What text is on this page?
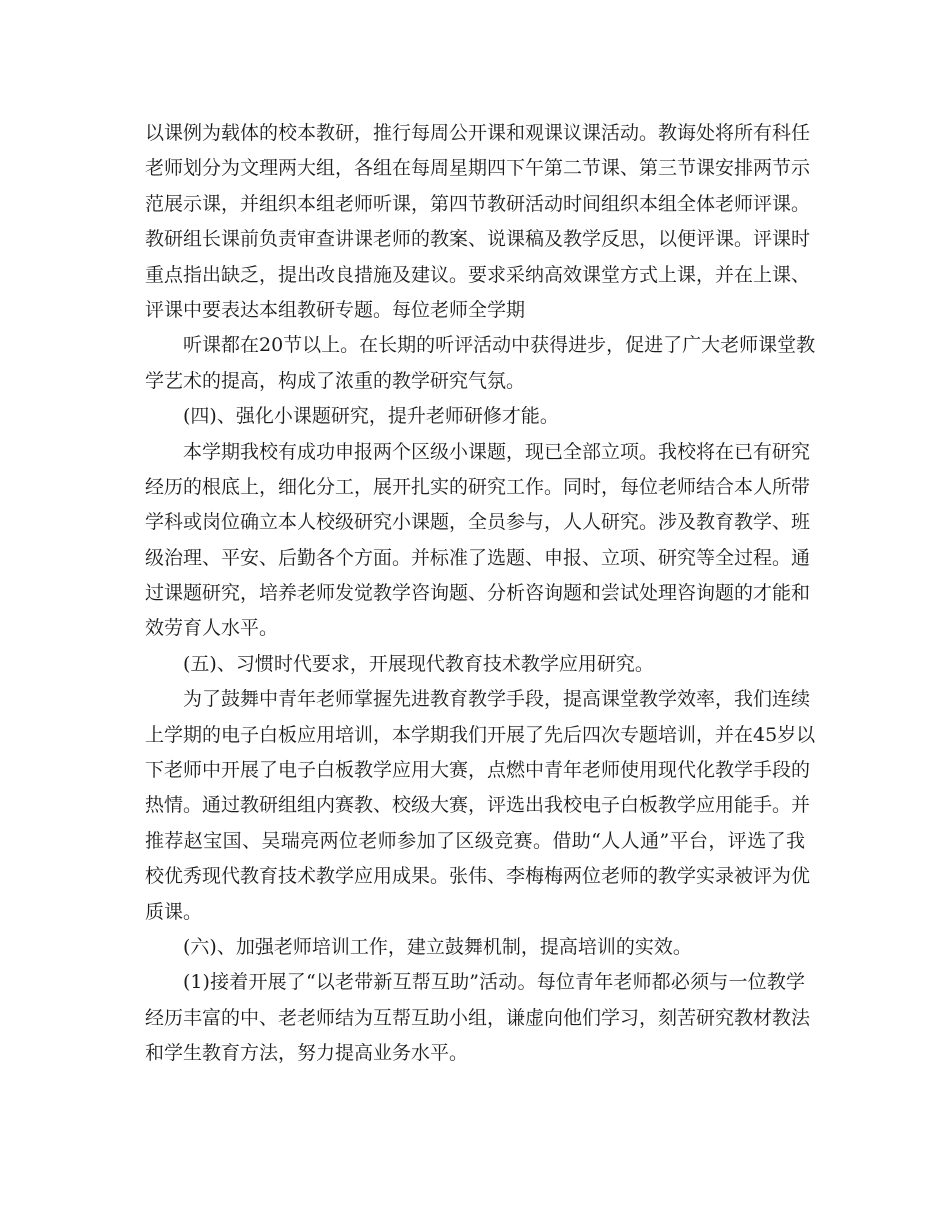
以课例为载体的校本教研，推行每周公开课和观课议课活动。教诲处将所有科任
老师划分为文理两大组，各组在每周星期四下午第二节课、第三节课安排两节示
范展示课，并组织本组老师听课，第四节教研活动时间组织本组全体老师评课。
教研组长课前负责审查讲课老师的教案、说课稿及教学反思，以便评课。评课时
重点指出缺乏，提出改良措施及建议。要求采纳高效课堂方式上课，并在上课、
评课中要表达本组教研专题。每位老师全学期
听课都在20节以上。在长期的听评活动中获得进步，促进了广大老师课堂教
学艺术的提高，构成了浓重的教学研究气氛。
(四)、强化小课题研究，提升老师研修才能。
本学期我校有成功申报两个区级小课题，现已全部立项。我校将在已有研究
经历的根底上，细化分工，展开扎实的研究工作。同时，每位老师结合本人所带
学科或岗位确立本人校级研究小课题，全员参与，人人研究。涉及教育教学、班
级治理、平安、后勤各个方面。并标准了选题、申报、立项、研究等全过程。通
过课题研究，培养老师发觉教学咨询题、分析咨询题和尝试处理咨询题的才能和
效劳育人水平。
(五)、习惯时代要求，开展现代教育技术教学应用研究。
为了鼓舞中青年老师掌握先进教育教学手段，提高课堂教学效率，我们连续
上学期的电子白板应用培训，本学期我们开展了先后四次专题培训，并在45岁以
下老师中开展了电子白板教学应用大赛，点燃中青年老师使用现代化教学手段的
热情。通过教研组组内赛教、校级大赛，评选出我校电子白板教学应用能手。并
推荐赵宝国、吴瑞亮两位老师参加了区级竞赛。借助“人人通”平台，评选了我
校优秀现代教育技术教学应用成果。张伟、李梅梅两位老师的教学实录被评为优
质课。
(六)、加强老师培训工作，建立鼓舞机制，提高培训的实效。
(1)接着开展了“以老带新互帮互助”活动。每位青年老师都必须与一位教学
经历丰富的中、老老师结为互帮互助小组，谦虚向他们学习，刻苦研究教材教法
和学生教育方法，努力提高业务水平。
